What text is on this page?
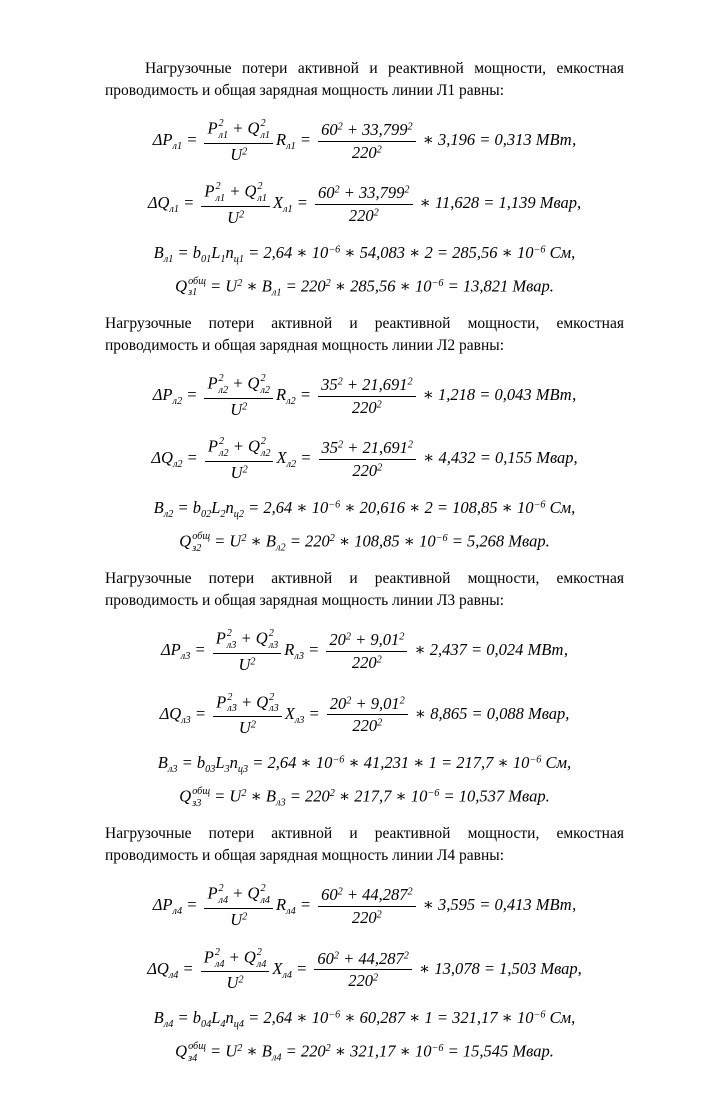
Нагрузочные потери активной и реактивной мощности, емкостная проводимость и общая зарядная мощность линии Л1 равны:

$\Delta P_{л1} = P$ 2
л1 + Q 2
л1
$U^2$ $R_{л1} = \frac{60^2 + 33,799^2}{220^2}$ ∗ 3,196 = 0,313 МВт,
$\Delta Q_{л1} = P$ 2
л1 + Q 2
л1
$U^2$ $X_{л1} = \frac{60^2 + 33,799^2}{220^2}$ ∗ 11,628 = 1,139 Мвар,
$B_{л1} = b_{01}L_1n_{ц1} = 2,64$ ∗ $10^{-6}$ ∗ 54,083 ∗ 2 = 285,56 ∗ $10^{-6}$ См,
Q общ
$з1 = U^2$ ∗ $B_{л1} = 220^2$ ∗ 285,56 ∗ $10^{-6} = 13,821$ Мвар.

Нагрузочные потери активной и реактивной мощности, емкостная проводимость и общая зарядная мощность линии Л2 равны:

$\Delta P_{л2} = P$ 2
л2 + Q 2
л2
$U^2$ $R_{л2} = \frac{35^2 + 21,691^2}{220^2}$ ∗ 1,218 = 0,043 МВт,
$\Delta Q_{л2} = P$ 2
л2 + Q 2
л2
$U^2$ $X_{л2} = \frac{35^2 + 21,691^2}{220^2}$ ∗ 4,432 = 0,155 Мвар,
$B_{л2} = b_{02}L_2n_{ц2} = 2,64$ ∗ $10^{-6}$ ∗ 20,616 ∗ 2 = 108,85 ∗ $10^{-6}$ См,
Q общ
$з2 = U^2$ ∗ $B_{л2} = 220^2$ ∗ 108,85 ∗ $10^{-6} = 5,268$ Мвар.

Нагрузочные потери активной и реактивной мощности, емкостная проводимость и общая зарядная мощность линии Л3 равны:

$\Delta P_{л3} = P$ 2
л3 + Q 2
л3
$U^2$ $R_{л3} = \frac{20^2 + 9,01^2}{220^2}$ ∗ 2,437 = 0,024 МВт,
$\Delta Q_{л3} = P$ 2
л3 + Q 2
л3
$U^2$ $X_{л3} = \frac{20^2 + 9,01^2}{220^2}$ ∗ 8,865 = 0,088 Мвар,
$B_{л3} = b_{03}L_3n_{ц3} = 2,64$ ∗ $10^{-6}$ ∗ 41,231 ∗ 1 = 217,7 ∗ $10^{-6}$ См,
Q общ
$з3 = U^2$ ∗ $B_{л3} = 220^2$ ∗ 217,7 ∗ $10^{-6} = 10,537$ Мвар.

Нагрузочные потери активной и реактивной мощности, емкостная проводимость и общая зарядная мощность линии Л4 равны:

$\Delta P_{л4} = P$ 2
л4 + Q 2
л4
$U^2$ $R_{л4} = \frac{60^2 + 44,287^2}{220^2}$ ∗ 3,595 = 0,413 МВт,
$\Delta Q_{л4} = P$ 2
л4 + Q 2
л4
$U^2$ $X_{л4} = \frac{60^2 + 44,287^2}{220^2}$ ∗ 13,078 = 1,503 Мвар,
$B_{л4} = b_{04}L_4n_{ц4} = 2,64$ ∗ $10^{-6}$ ∗ 60,287 ∗ 1 = 321,17 ∗ $10^{-6}$ См,
Q общ
$з4 = U^2$ ∗ $B_{л4} = 220^2$ ∗ 321,17 ∗ $10^{-6} = 15,545$ Мвар.
